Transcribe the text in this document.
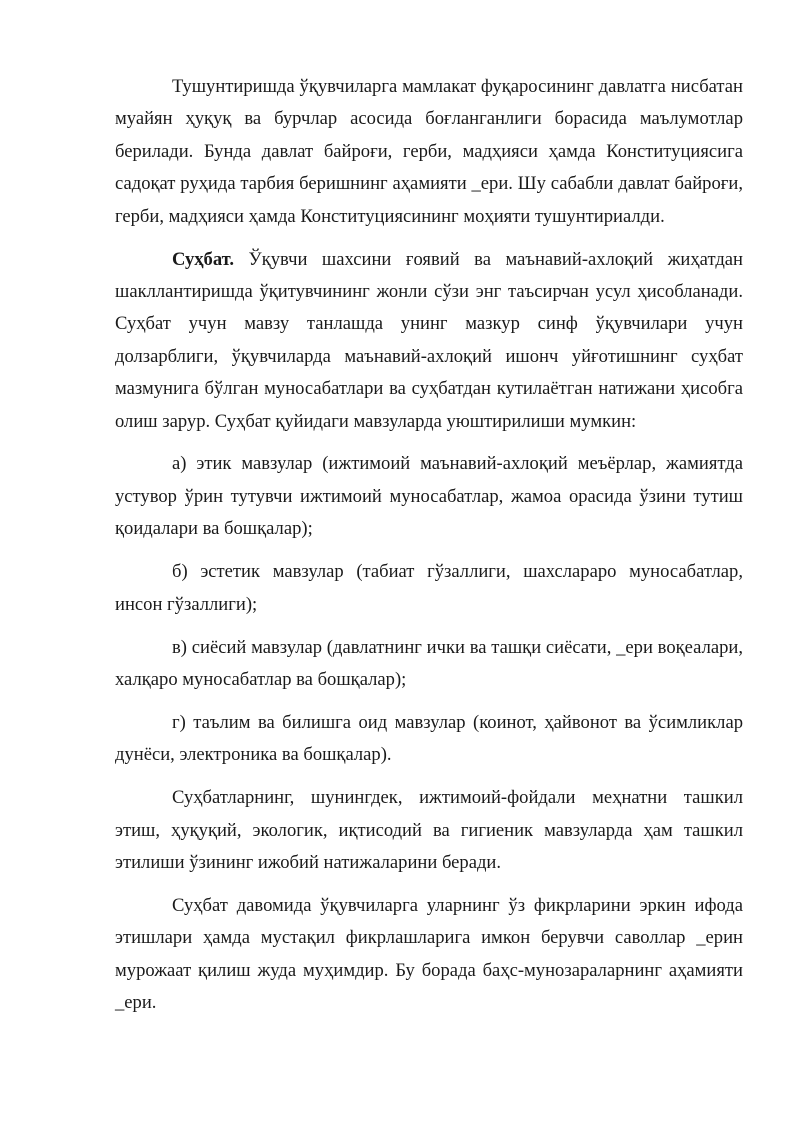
Тушунтиришда ўқувчиларга мамлакат фуқаросининг давлатга нисбатан муайян ҳуқуқ ва бурчлар асосида боғланганлиги борасида маълумотлар берилади. Бунда давлат байроғи, герби, мадҳияси ҳамда Конституциясига садоқат руҳида тарбия беришнинг аҳамияти _ери. Шу сабабли давлат байроғи, герби, мадҳияси ҳамда Конституциясининг моҳияти тушунтириалди.

Суҳбат. Ўқувчи шахсини ғоявий ва маънавий-ахлоқий жиҳатдан шакллантиришда ўқитувчининг жонли сўзи энг таъсирчан усул ҳисобланади. Суҳбат учун мавзу танлашда унинг мазкур синф ўқувчилари учун долзарблиги, ўқувчиларда маънавий-ахлоқий ишонч уйғотишнинг суҳбат мазмунига бўлган муносабатлари ва суҳбатдан кутилаётган натижани ҳисобга олиш зарур. Суҳбат қуйидаги мавзуларда уюштирилиши мумкин:

а) этик мавзулар (ижтимоий маънавий-ахлоқий меъёрлар, жамиятда устувор ўрин тутувчи ижтимоий муносабатлар, жамоа орасида ўзини тутиш қоидалари ва бошқалар);

б) эстетик мавзулар (табиат гўзаллиги, шахслараро муносабатлар, инсон гўзаллиги);

в) сиёсий мавзулар (давлатнинг ички ва ташқи сиёсати, _ери воқеалари, халқаро муносабатлар ва бошқалар);

г) таълим ва билишга оид мавзулар (коинот, ҳайвонот ва ўсимликлар дунёси, электроника ва бошқалар).

Суҳбатларнинг, шунингдек, ижтимоий-фойдали меҳнатни ташкил этиш, ҳуқуқий, экологик, иқтисодий ва гигиеник мавзуларда ҳам ташкил этилиши ўзининг ижобий натижаларини беради.

Суҳбат давомида ўқувчиларга уларнинг ўз фикрларини эркин ифода этишлари ҳамда мустақил фикрлашларига имкон берувчи саволлар _ерин мурожаат қилиш жуда муҳимдир. Бу борада баҳс-мунозараларнинг аҳамияти _ери.
